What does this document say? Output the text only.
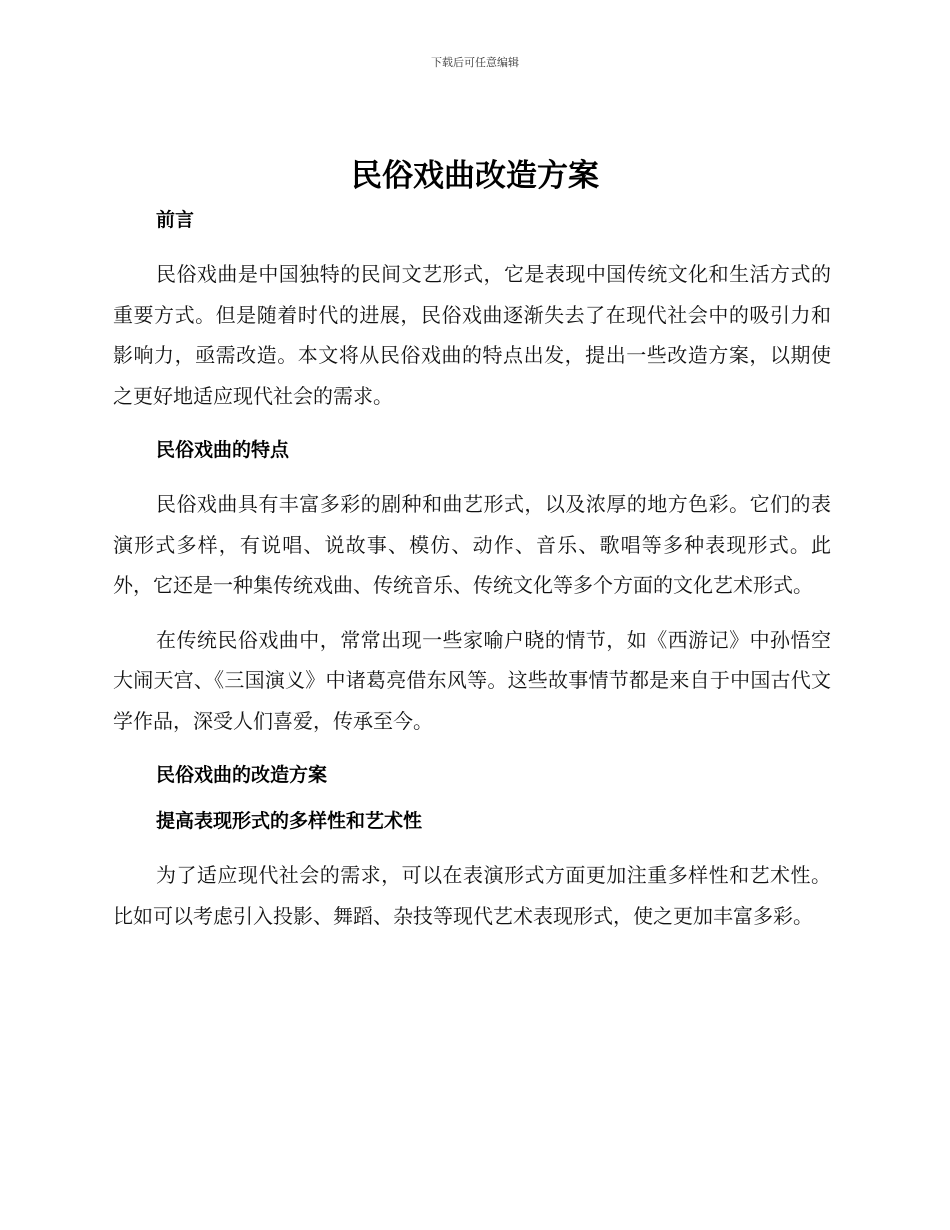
下载后可任意编辑
民俗戏曲改造方案
前言

民俗戏曲是中国独特的民间文艺形式，它是表现中国传统文化和生活方式的重要方式。但是随着时代的进展，民俗戏曲逐渐失去了在现代社会中的吸引力和影响力，亟需改造。本文将从民俗戏曲的特点出发，提出一些改造方案，以期使之更好地适应现代社会的需求。

民俗戏曲的特点

民俗戏曲具有丰富多彩的剧种和曲艺形式，以及浓厚的地方色彩。它们的表演形式多样，有说唱、说故事、模仿、动作、音乐、歌唱等多种表现形式。此外，它还是一种集传统戏曲、传统音乐、传统文化等多个方面的文化艺术形式。

在传统民俗戏曲中，常常出现一些家喻户晓的情节，如《西游记》中孙悟空大闹天宫、《三国演义》中诸葛亮借东风等。这些故事情节都是来自于中国古代文学作品，深受人们喜爱，传承至今。

民俗戏曲的改造方案
提高表现形式的多样性和艺术性

为了适应现代社会的需求，可以在表演形式方面更加注重多样性和艺术性。比如可以考虑引入投影、舞蹈、杂技等现代艺术表现形式，使之更加丰富多彩。
